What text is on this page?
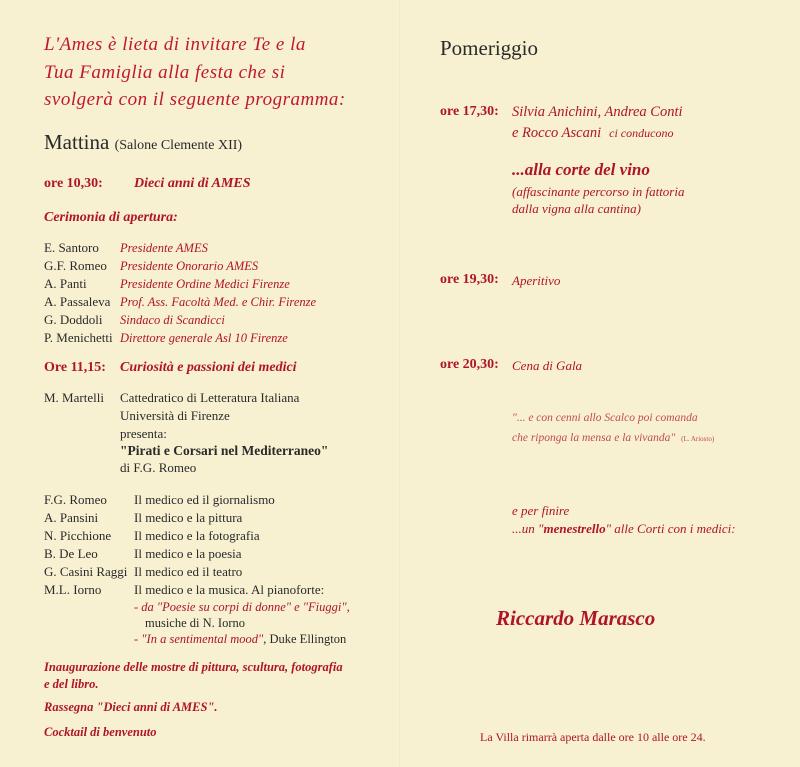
L'Ames è lieta di invitare Te e la
Tua Famiglia alla festa che si
svolgerà con il seguente programma:
Mattina (Salone Clemente XII)
ore 10,30: Dieci anni di AMES
Cerimonia di apertura:
E. Santoro Presidente AMES
G.F. Romeo Presidente Onorario AMES
A. Panti	Presidente Ordine Medici Firenze
A. Passaleva Prof. Ass. Facoltà Med. e Chir. Firenze
G. Doddoli Sindaco di Scandicci
P. Menichetti Direttore generale Asl 10 Firenze
Ore 11,15: Curiosità e passioni dei medici
M. Martelli Cattedratico di Letteratura Italiana
Università di Firenze
presenta:
"Pirati e Corsari nel Mediterraneo"
di F.G. Romeo
F.G. Romeo Il medico ed il giornalismo
A. Pansini	Il medico e la pittura
N. Picchione Il medico e la fotografia
B. De Leo	Il medico e la poesia
G. Casini Raggi Il medico ed il teatro
M.L. Iorno	Il medico e la musica. Al pianoforte:
- da "Poesie su corpi di donne" e "Fiuggi",
musiche di N. Iorno
- "In a sentimental mood", Duke Ellington
Inaugurazione delle mostre di pittura, scultura, fotografia
e del libro.
Rassegna "Dieci anni di AMES".
Cocktail di benvenuto
Pomeriggio
ore 17,30: Silvia Anichini, Andrea Conti
e Rocco Ascani ci conducono
...alla corte del vino
(affascinante percorso in fattoria
dalla vigna alla cantina)
ore 19,30: Aperitivo
ore 20,30: Cena di Gala
"... e con cenni allo Scalco poi comanda
che riponga la mensa e la vivanda" (L. Ariosto)
e per finire
...un "menestrello" alle Corti con i medici:
Riccardo Marasco
La Villa rimarrà aperta dalle ore 10 alle ore 24.
